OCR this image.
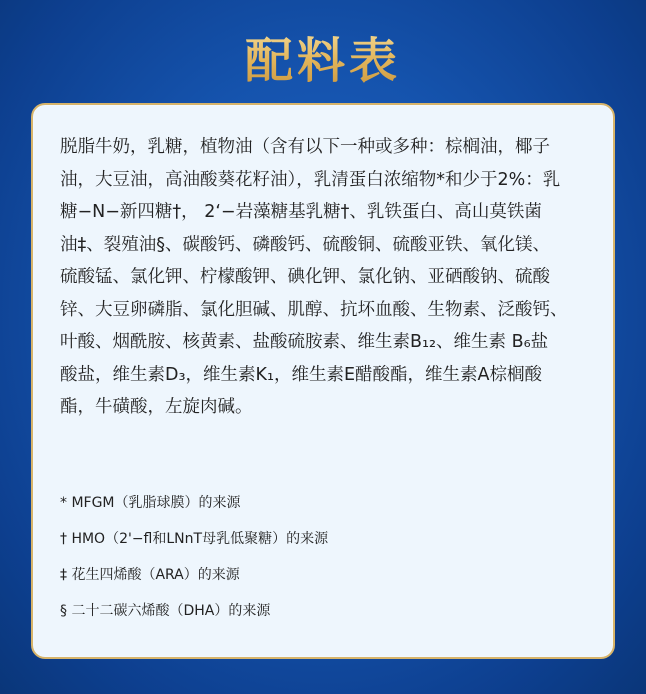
配料表
脱脂牛奶，乳糖，植物油（含有以下一种或多种：棕榈油，椰子
油，大豆油，高油酸葵花籽油），乳清蛋白浓缩物*和少于2%：乳
糖−N−新四糖†， 2‘−岩藻糖基乳糖†、乳铁蛋白、高山莫铁菌
油‡、裂殖油§、碳酸钙、磷酸钙、硫酸铜、硫酸亚铁、氧化镁、
硫酸锰、氯化钾、柠檬酸钾、碘化钾、氯化钠、亚硒酸钠、硫酸
锌、大豆卵磷脂、氯化胆碱、肌醇、抗坏血酸、生物素、泛酸钙、
叶酸、烟酰胺、核黄素、盐酸硫胺素、维生素B₁₂、维生素 B₆盐
酸盐，维生素D₃，维生素K₁，维生素E醋酸酯，维生素A棕榈酸
酯，牛磺酸，左旋肉碱。
* MFGM（乳脂球膜）的来源
† HMO（2'−fl和LNnT母乳低聚糖）的来源
‡ 花生四烯酸（ARA）的来源
§ 二十二碳六烯酸（DHA）的来源
